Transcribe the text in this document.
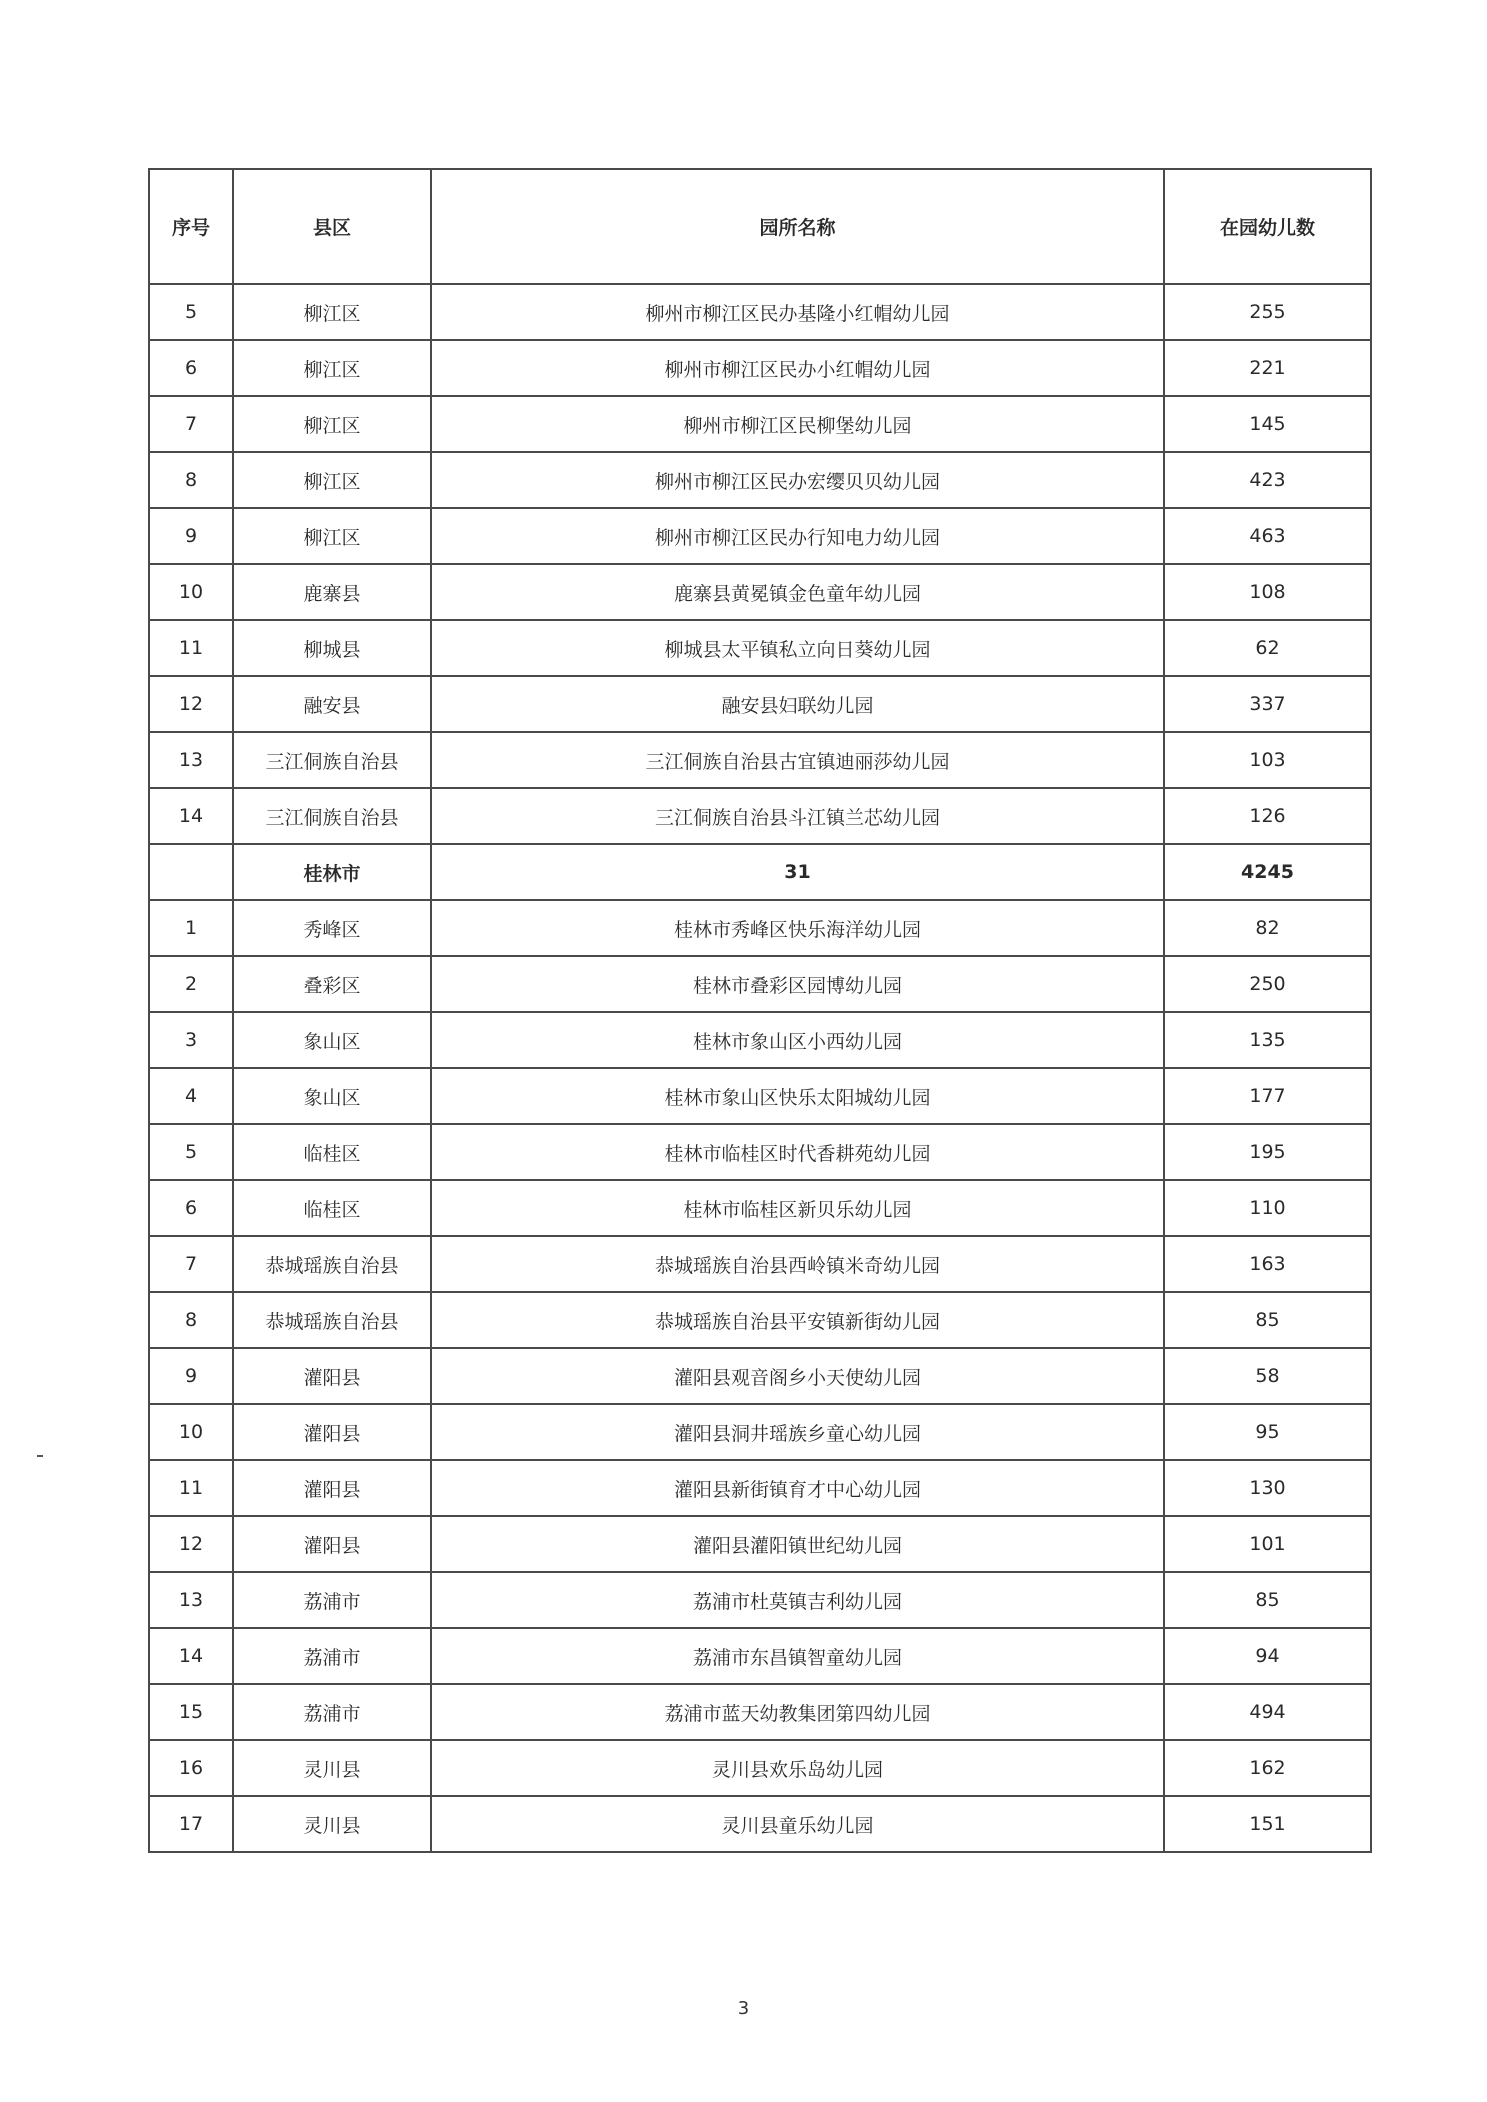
序号	县区	园所名称	在园幼儿数
5	柳江区	柳州市柳江区民办基隆小红帽幼儿园	255
6	柳江区	柳州市柳江区民办小红帽幼儿园	221
7	柳江区	柳州市柳江区民柳堡幼儿园	145
8	柳江区	柳州市柳江区民办宏缨贝贝幼儿园	423
9	柳江区	柳州市柳江区民办行知电力幼儿园	463
10	鹿寨县	鹿寨县黄冕镇金色童年幼儿园	108
11	柳城县	柳城县太平镇私立向日葵幼儿园	62
12	融安县	融安县妇联幼儿园	337
13	三江侗族自治县	三江侗族自治县古宜镇迪丽莎幼儿园	103
14	三江侗族自治县	三江侗族自治县斗江镇兰芯幼儿园	126
	桂林市	31	4245
1	秀峰区	桂林市秀峰区快乐海洋幼儿园	82
2	叠彩区	桂林市叠彩区园博幼儿园	250
3	象山区	桂林市象山区小西幼儿园	135
4	象山区	桂林市象山区快乐太阳城幼儿园	177
5	临桂区	桂林市临桂区时代香耕苑幼儿园	195
6	临桂区	桂林市临桂区新贝乐幼儿园	110
7	恭城瑶族自治县	恭城瑶族自治县西岭镇米奇幼儿园	163
8	恭城瑶族自治县	恭城瑶族自治县平安镇新街幼儿园	85
9	灌阳县	灌阳县观音阁乡小天使幼儿园	58
10	灌阳县	灌阳县洞井瑶族乡童心幼儿园	95
11	灌阳县	灌阳县新街镇育才中心幼儿园	130
12	灌阳县	灌阳县灌阳镇世纪幼儿园	101
13	荔浦市	荔浦市杜莫镇吉利幼儿园	85
14	荔浦市	荔浦市东昌镇智童幼儿园	94
15	荔浦市	荔浦市蓝天幼教集团第四幼儿园	494
16	灵川县	灵川县欢乐岛幼儿园	162
17	灵川县	灵川县童乐幼儿园	151
3
